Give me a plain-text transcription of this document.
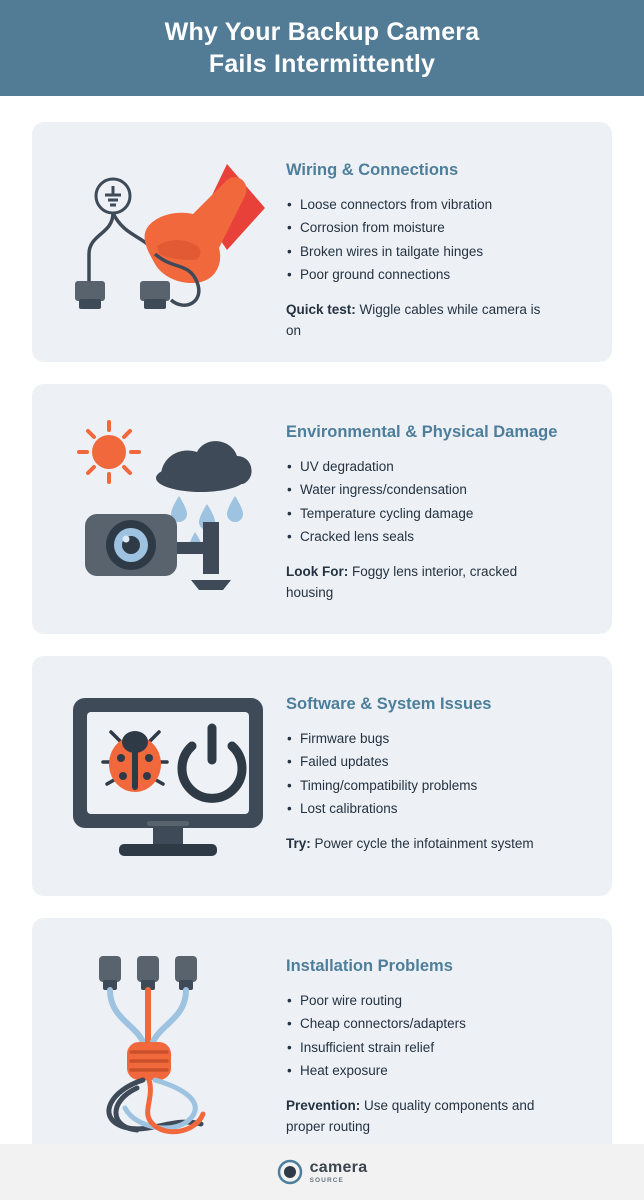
Why Your Backup Camera
Fails Intermittently
Wiring & Connections
• Loose connectors from vibration
• Corrosion from moisture
• Broken wires in tailgate hinges
• Poor ground connections
Quick test: Wiggle cables while camera is on
Environmental & Physical Damage
• UV degradation
• Water ingress/condensation
• Temperature cycling damage
• Cracked lens seals
Look For: Foggy lens interior, cracked housing
Software & System Issues
• Firmware bugs
• Failed updates
• Timing/compatibility problems
• Lost calibrations
Try: Power cycle the infotainment system
Installation Problems
• Poor wire routing
• Cheap connectors/adapters
• Insufficient strain relief
• Heat exposure
Prevention: Use quality components and proper routing
camera
SOURCE
